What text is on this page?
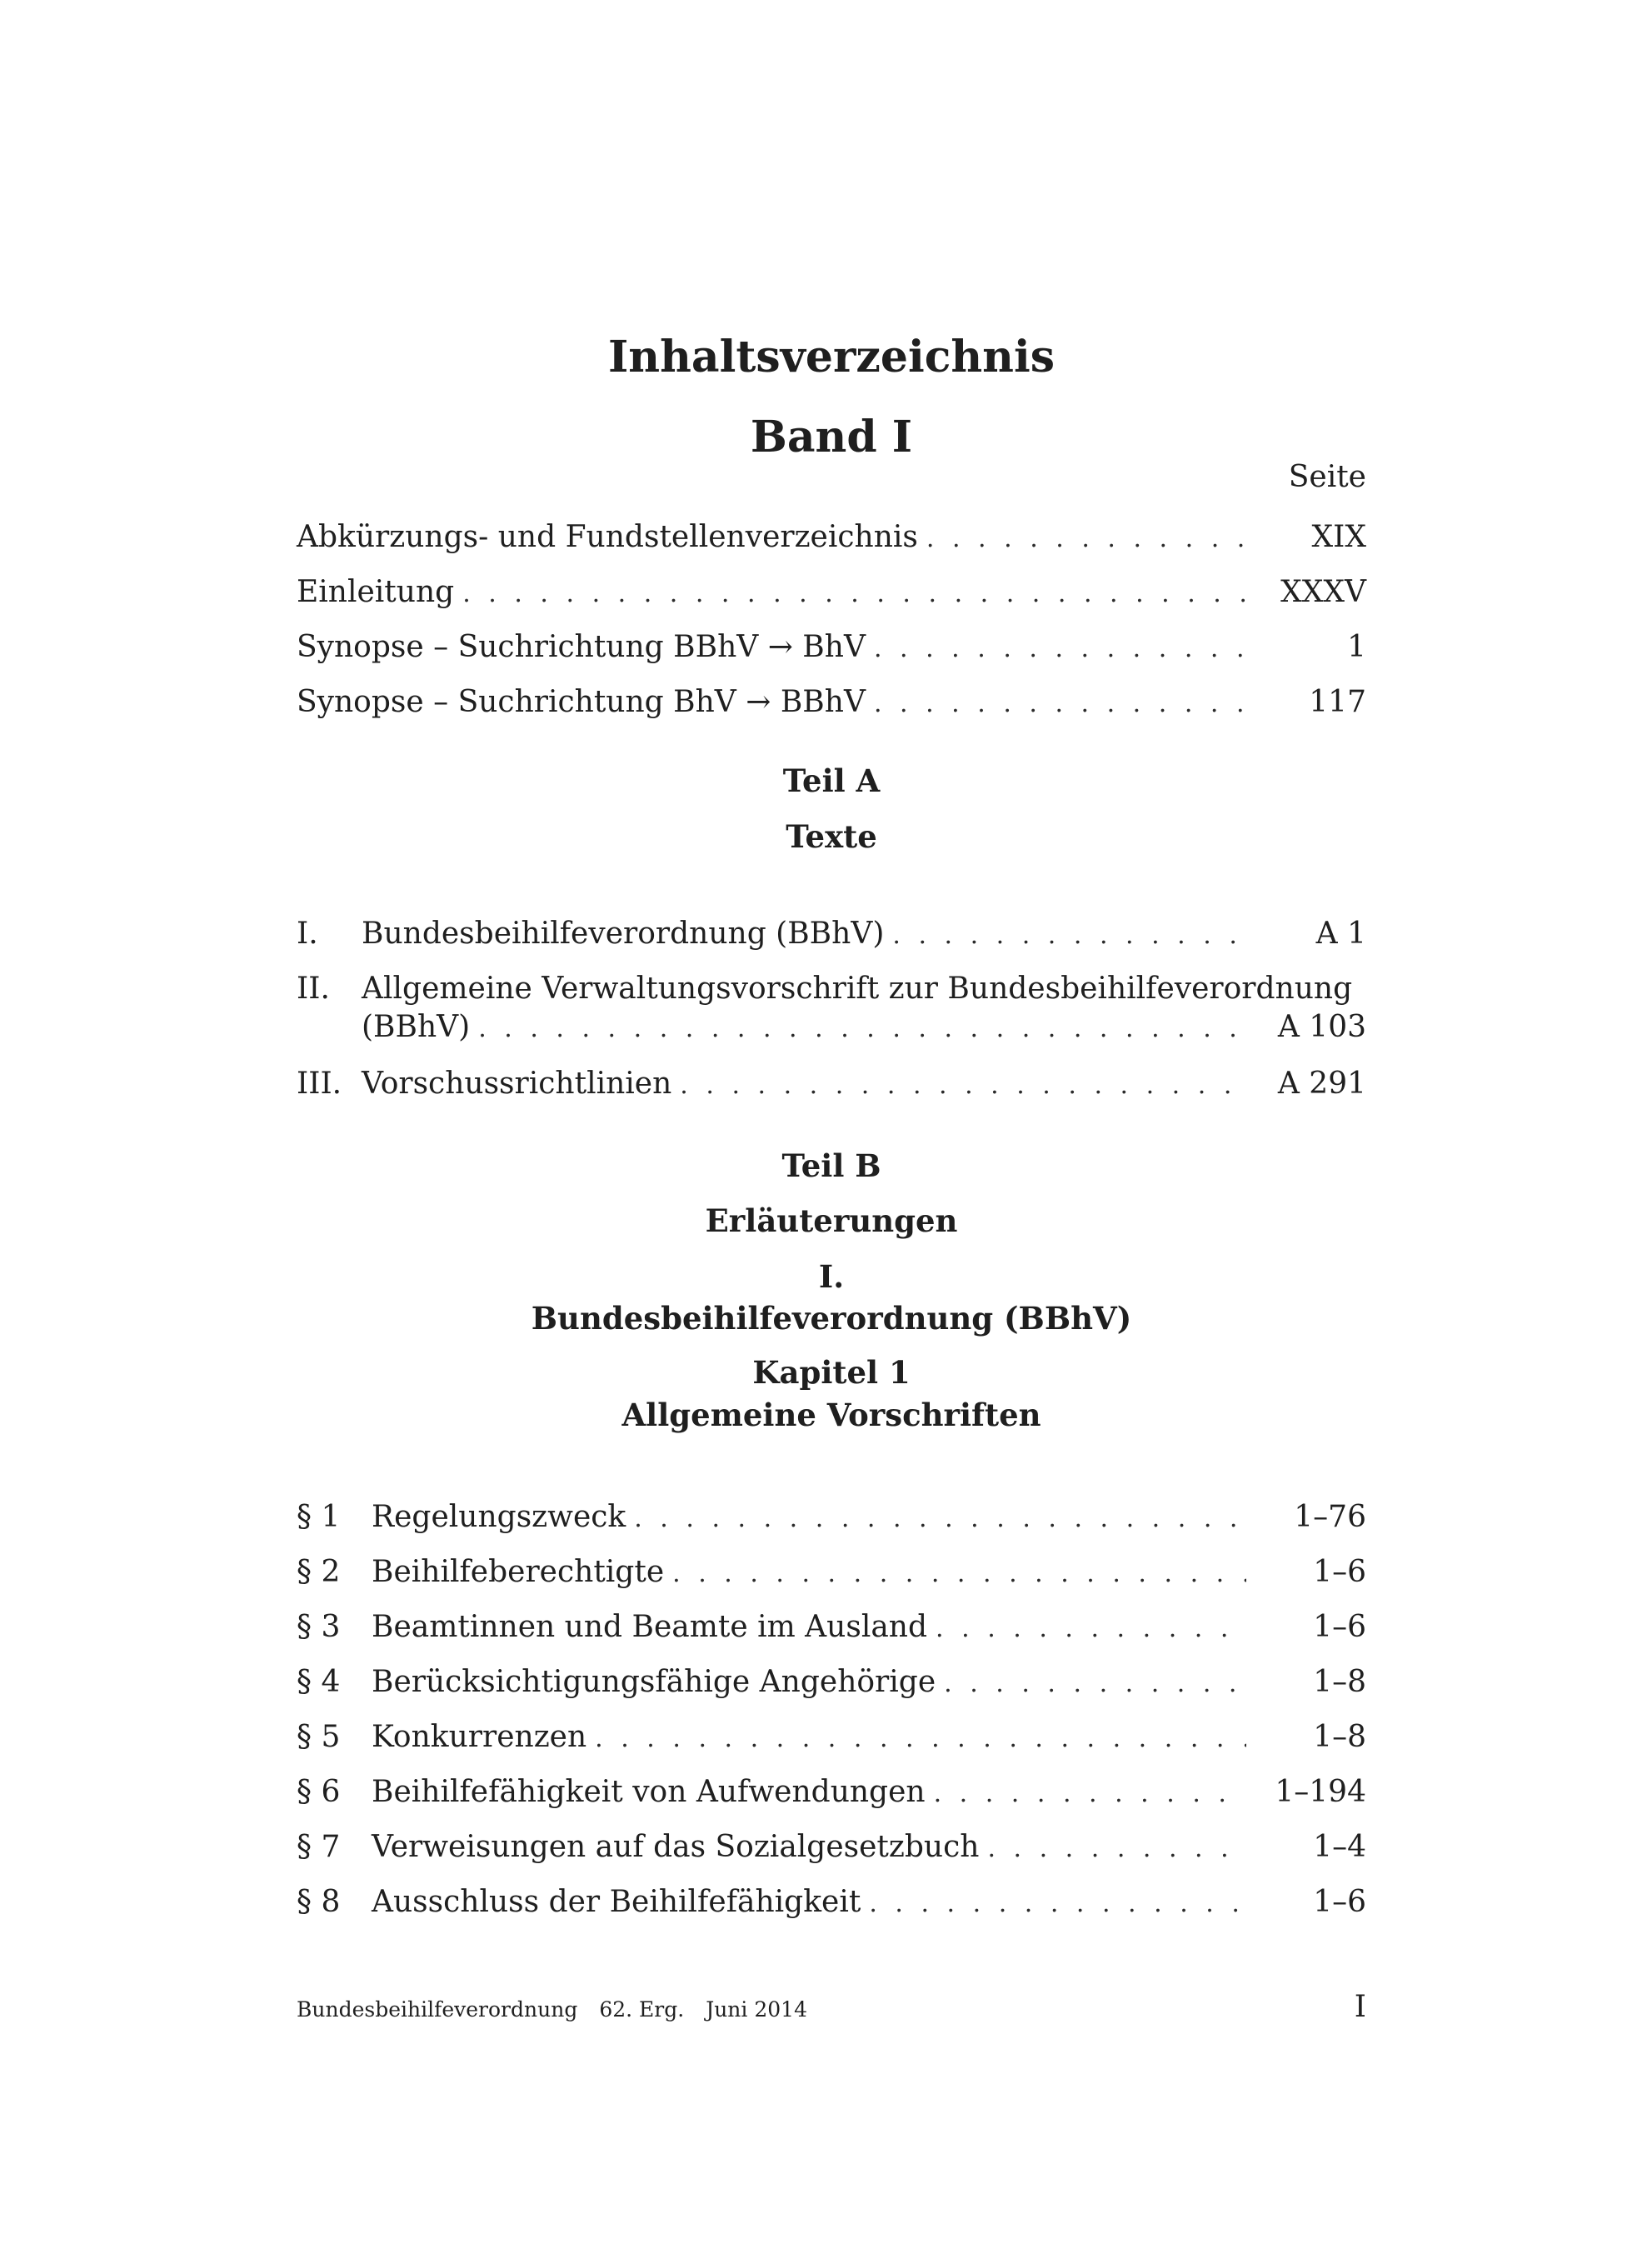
Inhaltsverzeichnis
Band I
Seite
Abkürzungs- und Fundstellenverzeichnis . . .	XIX
Einleitung . . .	XXXV
Synopse – Suchrichtung BBhV → BhV . . .	1
Synopse – Suchrichtung BhV → BBhV . . .	117
Teil A
Texte
I.	Bundesbeihilfeverordnung (BBhV) . . .	A 1
II.	Allgemeine Verwaltungsvorschrift zur Bundesbeihilfeverordnung
(BBhV) . . .	A 103
III. Vorschussrichtlinien . . .	A 291
Teil B
Erläuterungen
I.
Bundesbeihilfeverordnung (BBhV)
Kapitel 1
Allgemeine Vorschriften
§ 1	Regelungszweck . . .	1–76
§ 2	Beihilfeberechtigte . . .	1–6
§ 3	Beamtinnen und Beamte im Ausland . . .	1–6
§ 4	Berücksichtigungsfähige Angehörige . . .	1–8
§ 5	Konkurrenzen . . .	1–8
§ 6	Beihilfefähigkeit von Aufwendungen . . .	1–194
§ 7	Verweisungen auf das Sozialgesetzbuch . . .	1–4
§ 8	Ausschluss der Beihilfefähigkeit . . .	1–6
Bundesbeihilfeverordnung 62. Erg. Juni 2014	I
